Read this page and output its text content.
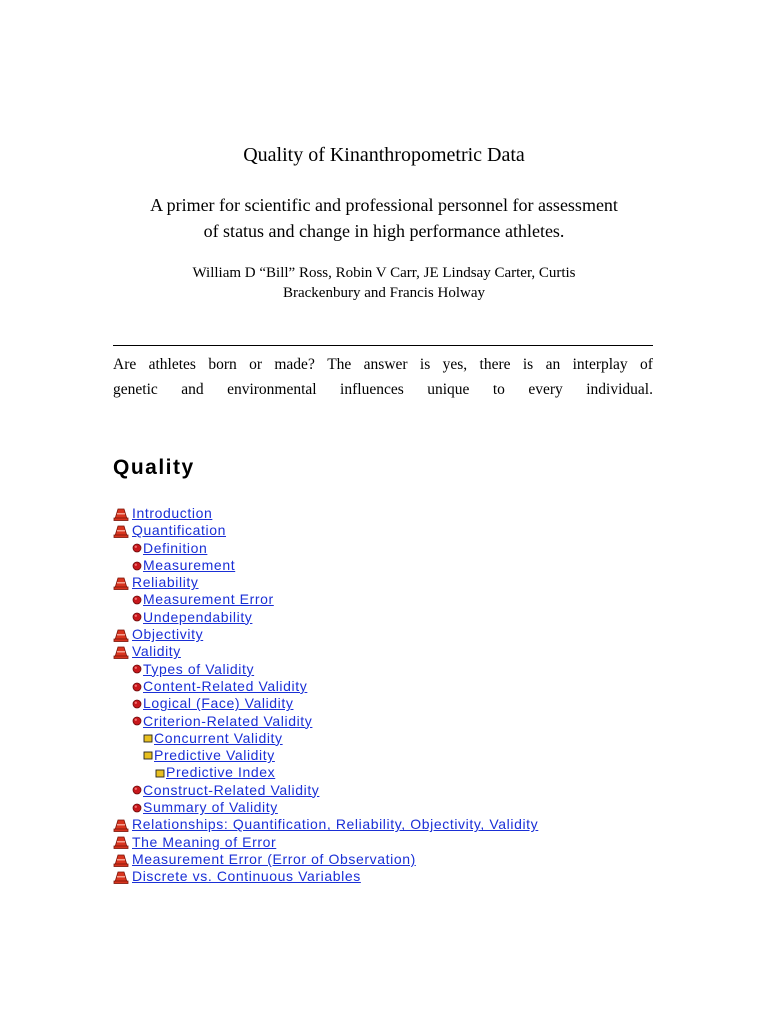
Quality of Kinanthropometric Data
A primer for scientific and professional personnel for assessment
of status and change in high performance athletes.
William D “Bill” Ross, Robin V Carr, JE Lindsay Carter, Curtis
Brackenbury and Francis Holway
Are athletes born or made? The answer is yes, there is an interplay of
genetic and environmental influences unique to every individual.
Quality
Introduction
Quantification
Definition
Measurement
Reliability
Measurement Error
Undependability
Objectivity
Validity
Types of Validity
Content-Related Validity
Logical (Face) Validity
Criterion-Related Validity
Concurrent Validity
Predictive Validity
Predictive Index
Construct-Related Validity
Summary of Validity
Relationships: Quantification, Reliability, Objectivity, Validity
The Meaning of Error
Measurement Error (Error of Observation)
Discrete vs. Continuous Variables
